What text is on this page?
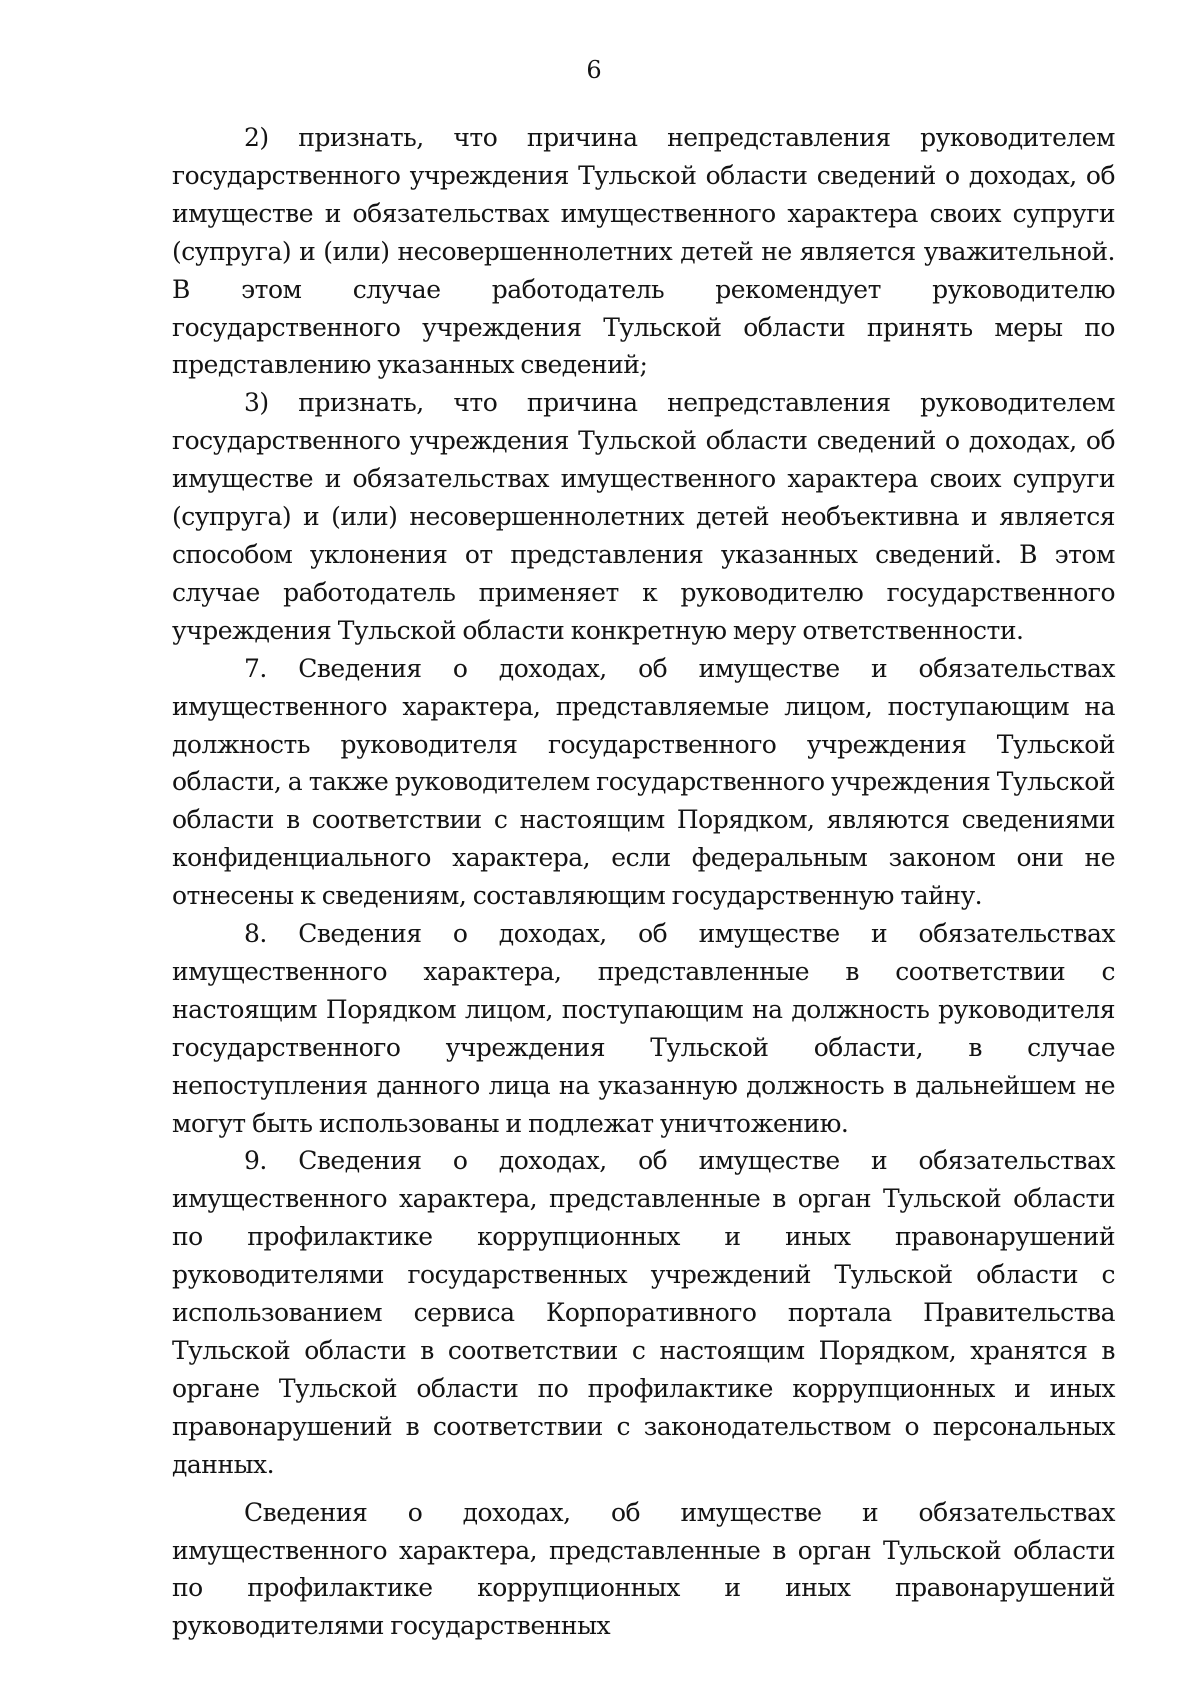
6

2) признать, что причина непредставления руководителем государственного учреждения Тульской области сведений о доходах, об имуществе и обязательствах имущественного характера своих супруги (супруга) и (или) несовершеннолетних детей не является уважительной. В этом случае работодатель рекомендует руководителю государственного учреждения Тульской области принять меры по представлению указанных сведений;

3) признать, что причина непредставления руководителем государственного учреждения Тульской области сведений о доходах, об имуществе и обязательствах имущественного характера своих супруги (супруга) и (или) несовершеннолетних детей необъективна и является способом уклонения от представления указанных сведений. В этом случае работодатель применяет к руководителю государственного учреждения Тульской области конкретную меру ответственности.

7. Сведения о доходах, об имуществе и обязательствах имущественного характера, представляемые лицом, поступающим на должность руководителя государственного учреждения Тульской области, а также руководителем государственного учреждения Тульской области в соответствии с настоящим Порядком, являются сведениями конфиденциального характера, если федеральным законом они не отнесены к сведениям, составляющим государственную тайну.

8. Сведения о доходах, об имуществе и обязательствах имущественного характера, представленные в соответствии с настоящим Порядком лицом, поступающим на должность руководителя государственного учреждения Тульской области, в случае непоступления данного лица на указанную должность в дальнейшем не могут быть использованы и подлежат уничтожению.

9. Сведения о доходах, об имуществе и обязательствах имущественного характера, представленные в орган Тульской области по профилактике коррупционных и иных правонарушений руководителями государственных учреждений Тульской области с использованием сервиса Корпоративного портала Правительства Тульской области в соответствии с настоящим Порядком, хранятся в органе Тульской области по профилактике коррупционных и иных правонарушений в соответствии с законодательством о персональных данных.

Сведения о доходах, об имуществе и обязательствах имущественного характера, представленные в орган Тульской области по профилактике коррупционных и иных правонарушений руководителями государственных
